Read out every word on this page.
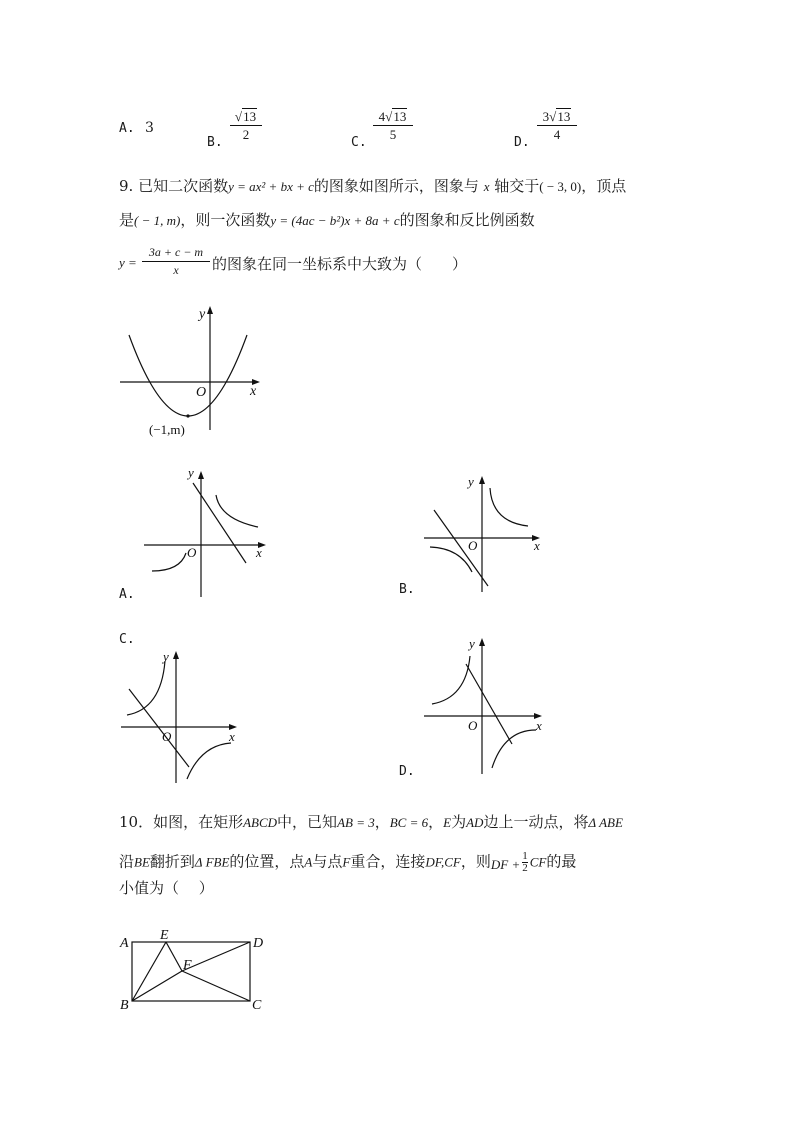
A. 3
B.
√13
2
C.
4√13
5
D.
3√13
4
9. 已知二次函数y = ax² + bx + c的图象如图所示，图象与 x 轴交于( − 3, 0)，顶点
是( − 1, m)，则一次函数y = (4ac − b²)x + 8a + c的图象和反比例函数
y =
3a + c − m
x	的图象在同一坐标系中大致为（　　）
y
x
O
(−1,m)
y
x
O
A.
y
x
O
B.
C.
y
x
O
y
x
O
D.
10．如图，在矩形ABCD中，已知AB = 3，BC = 6，E为AD边上一动点，将Δ ABE
沿BE翻折到Δ FBE的位置，点A与点F重合，连接DF,CF，则DF + $\frac{1}{2}$ CF的最
小值为（　 ）
A
E
D
F
B	C
